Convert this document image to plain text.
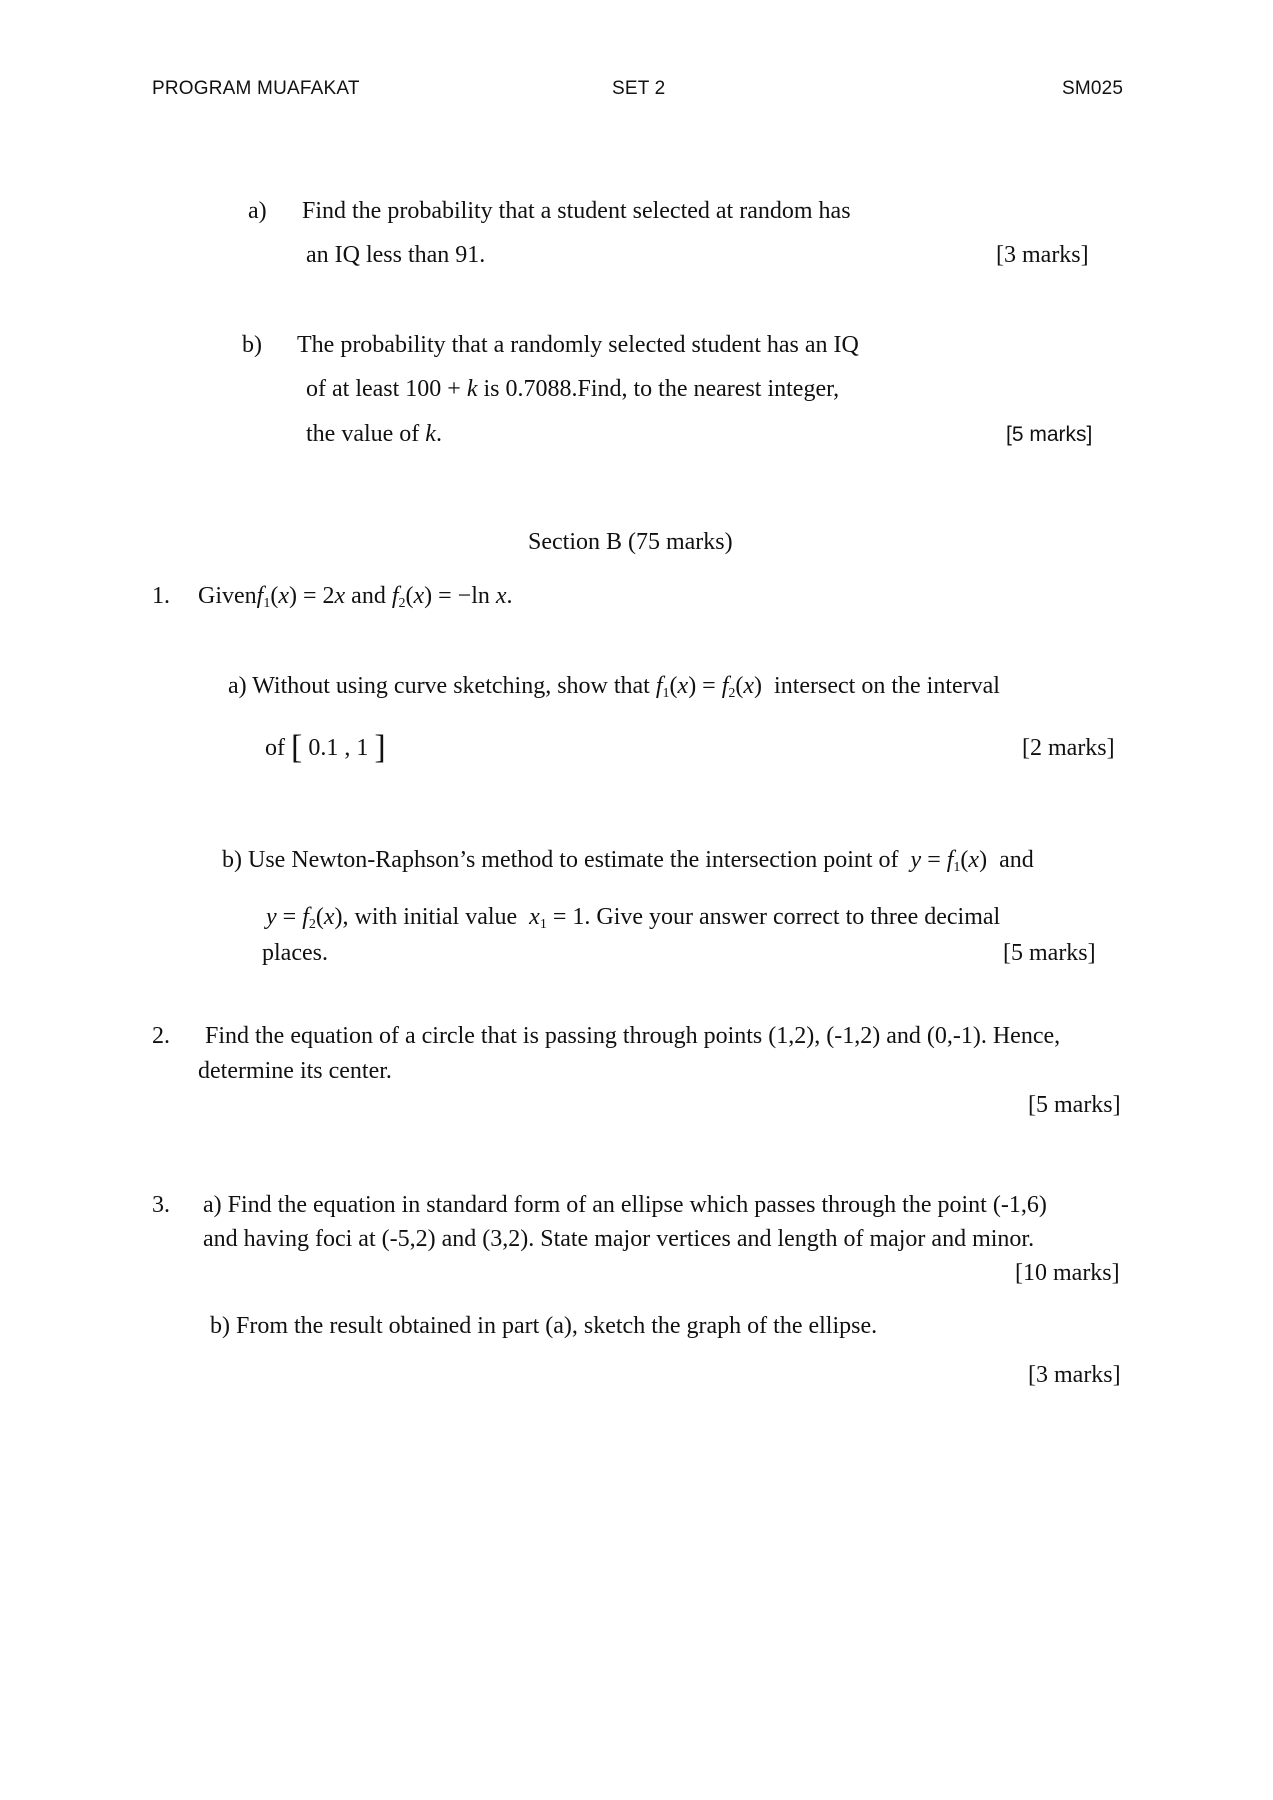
PROGRAM MUAFAKAT	SET 2	SM025
a) Find the probability that a student selected at random has
an IQ less than 91.	[3 marks]
b) The probability that a randomly selected student has an IQ
of at least 100 + k is 0.7088.Find, to the nearest integer,
the value of k.	[5 marks]
Section B (75 marks)
1. Givenf$_1$(x) = 2x and $f_2(x) = -\ln$ x.
a) Without using curve sketching, show that $f_1(x) = f_2(x)$  intersect on the interval
of [ 0.1 , 1 ]	[2 marks]
b) Use Newton-Raphson’s method to estimate the intersection point of $y = f_1(x)$  and
$y = f_2(x)$, with initial value $x_1 = 1$. Give your answer correct to three decimal
places.	[5 marks]
2. Find the equation of a circle that is passing through points (1,2), (-1,2) and (0,-1). Hence,
determine its center.
[5 marks]
3. a) Find the equation in standard form of an ellipse which passes through the point (-1,6)
and having foci at (-5,2) and (3,2). State major vertices and length of major and minor.
[10 marks]
b) From the result obtained in part (a), sketch the graph of the ellipse.
[3 marks]
